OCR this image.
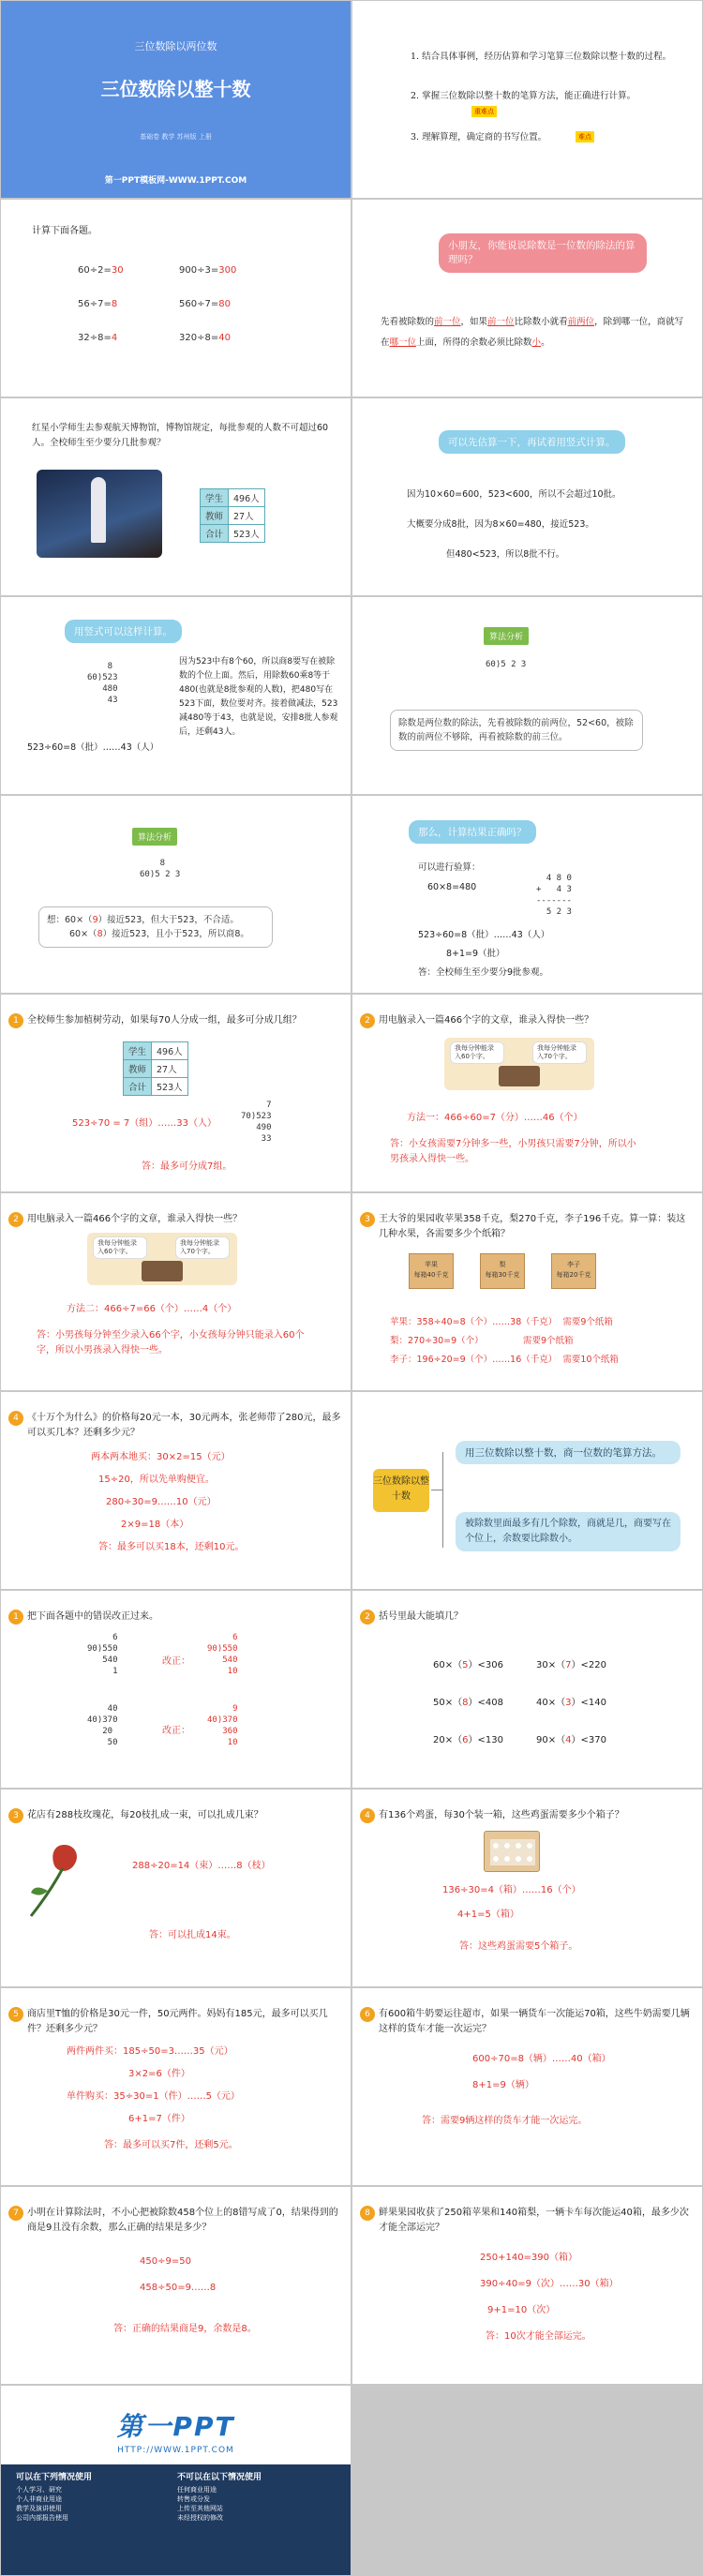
三位数除以两位数
三位数除以整十数
基础卷 教学 苏州版 上册
第一PPT模板网-WWW.1PPT.COM
1. 结合具体事例，经历估算和学习笔算三位数除以整十数的过程。
2. 掌握三位数除以整十数的笔算方法，能正确进行计算。
重难点
3. 理解算理，确定商的书写位置。	难点
计算下面各题。
60÷2=30	900÷3=300
56÷7=8	560÷7=80
32÷8=4	320÷8=40
小朋友，你能说说除数是一位数的除法的算理吗？
先看被除数的前一位，如果前一位比除数小就看前两位，除到哪一位，商就写在哪一位上面，所得的余数必须比除数小。
红星小学师生去参观航天博物馆，博物馆规定，每批参观的人数不可超过60人。全校师生至少要分几批参观？
学生	496人
教师	27人
合计	523人
可以先估算一下，再试着用竖式计算。
因为10×60=600，523<600，所以不会超过10批。
大概要分成8批，因为8×60=480，接近523。
但480<523，所以8批不行。
用竖式可以这样计算。
8
60)523
480
43
因为523中有8个60，所以商8要写在被除数的个位上面。然后，用除数60乘8等于480(也就是8批参观的人数)，把480写在523下面，数位要对齐。接着做减法，523减480等于43，也就是说，安排8批人参观后，还剩43人。
523÷60=8（批）……43（人）
算法分析
60)5 2 3
除数是两位数的除法，先看被除数的前两位，52<60，被除数的前两位不够除，再看被除数的前三位。
算法分析
8
60)5 2 3
想：60×（9）接近523，但大于523，不合适。
60×（8）接近523，且小于523，所以商8。
那么，计算结果正确吗？
可以进行验算：
60×8=480
4 8 0
+   4 3
-------
5 2 3
523÷60=8（批）……43（人）
8+1=9（批）
答：全校师生至少要分9批参观。
1 全校师生参加植树劳动，如果每70人分成一组，最多可分成几组？
学生	496人
教师	27人
合计	523人
523÷70 = 7（组）……33（人）
7
70)523
490
33
答：最多可分成7组。
2 用电脑录入一篇466个字的文章，谁录入得快一些？
我每分钟能录入60个字。
我每分钟能录入70个字。
方法一：466÷60=7（分）……46（个）
答：小女孩需要7分钟多一些，小男孩只需要7分钟，所以小男孩录入得快一些。
2 用电脑录入一篇466个字的文章，谁录入得快一些？
我每分钟能录入60个字。
我每分钟能录入70个字。
方法二：466÷7=66（个）……4（个）
答：小男孩每分钟至少录入66个字，小女孩每分钟只能录入60个字，所以小男孩录入得快一些。
3 王大爷的果园收苹果358千克，梨270千克，李子196千克。算一算：装这几种水果，各需要多少个纸箱？
苹果
每箱40千克
梨
每箱30千克
李子
每箱20千克
苹果：358÷40=8（个）……38（千克）  需要9个纸箱
梨：270÷30=9（个）              需要9个纸箱
李子：196÷20=9（个）……16（千克）  需要10个纸箱
4 《十万个为什么》的价格每20元一本，30元两本，张老师带了280元，最多可以买几本？还剩多少元？
两本两本地买：30×2=15（元）
15÷20，所以先单购便宜。
280÷30=9……10（元）
2×9=18（本）
答：最多可以买18本，还剩10元。
三位数除以整十数
用三位数除以整十数，商一位数的笔算方法。
被除数里面最多有几个除数，商就是几，商要写在个位上，余数要比除数小。
1 把下面各题中的错误改正过来。
6
90)550
540
1
改正：
6
90)550
540
10
40
40)370
20
50
改正：
9
40)370
360
10
2 括号里最大能填几？
60×（5）<306	30×（7）<220
50×（8）<408	40×（3）<140
20×（6）<130	90×（4）<370
3 花店有288枝玫瑰花，每20枝扎成一束，可以扎成几束？
288÷20=14（束）……8（枝）
答：可以扎成14束。
4 有136个鸡蛋，每30个装一箱，这些鸡蛋需要多少个箱子？
136÷30=4（箱）……16（个）
4+1=5（箱）
答：这些鸡蛋需要5个箱子。
5 商店里T恤的价格是30元一件，50元两件。妈妈有185元，最多可以买几件？还剩多少元？
两件两件买：185÷50=3……35（元）
3×2=6（件）
单件购买：35÷30=1（件）……5（元）
6+1=7（件）
答：最多可以买7件，还剩5元。
6 有600箱牛奶要运往超市，如果一辆货车一次能运70箱，这些牛奶需要几辆这样的货车才能一次运完？
600÷70=8（辆）……40（箱）
8+1=9（辆）
答：需要9辆这样的货车才能一次运完。
7 小明在计算除法时，不小心把被除数458个位上的8错写成了0，结果得到的商是9且没有余数，那么正确的结果是多少？
450÷9=50
458÷50=9……8
答：正确的结果商是9，余数是8。
8 鲜果果园收获了250箱苹果和140箱梨，一辆卡车每次能运40箱，最多少次才能全部运完？
250+140=390（箱）
390÷40=9（次）……30（箱）
9+1=10（次）
答：10次才能全部运完。
第一PPT
HTTP://WWW.1PPT.COM
可以在下列情况使用
个人学习、研究
个人非商业用途
教学及演讲使用
公司内部报告使用
不可以在以下情况使用
任何商业用途
转售或分发
上传至其他网站
未经授权的修改
